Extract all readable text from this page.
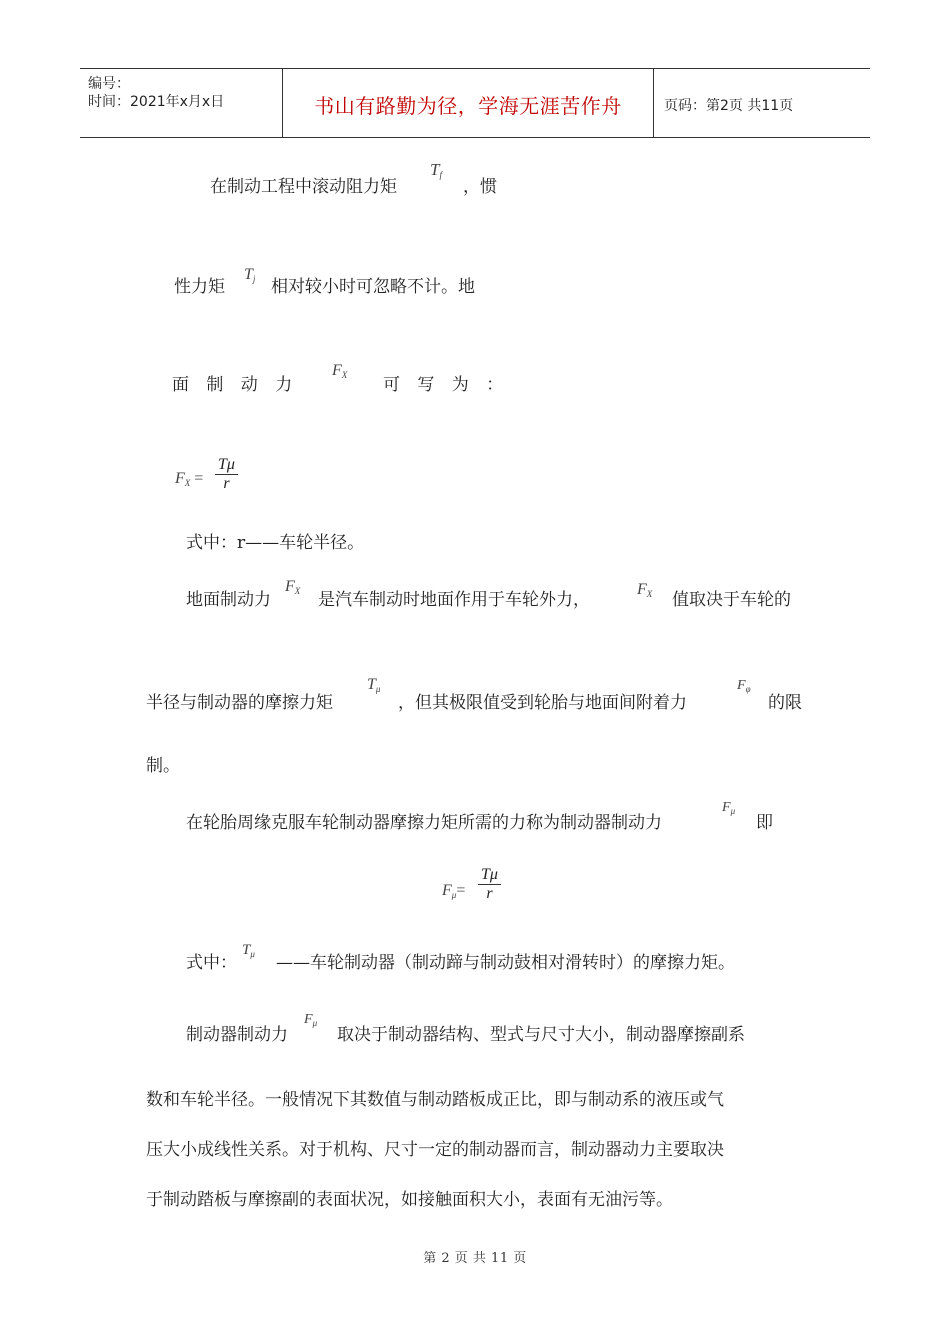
编号：
时间：2021年x月x日	书山有路勤为径，学海无涯苦作舟	页码：第2页 共11页
在制动工程中滚动阻力矩
$T_f$
，惯
性力矩
$T_j$ 相对较小时可忽略不计。地
面 制 动 力
$F_X$ 可 写 为 ：
$F_X = \frac{T\mu}{r}$
式中：r——车轮半径。
地面制动力
$F_X$ 是汽车制动时地面作用于车轮外力，
$F_X$ 值取决于车轮的
半径与制动器的摩擦力矩
$T_\mu$
，但其极限值受到轮胎与地面间附着力
$F_\varphi$
的限
制。
在轮胎周缘克服车轮制动器摩擦力矩所需的力称为制动器制动力
$F_\mu$
即
$F_\mu= \frac{T\mu}{r}$
式中：
$T_\mu$ ——车轮制动器（制动蹄与制动鼓相对滑转时）的摩擦力矩。
制动器制动力
$F_\mu$
取决于制动器结构、型式与尺寸大小，制动器摩擦副系
数和车轮半径。一般情况下其数值与制动踏板成正比，即与制动系的液压或气
压大小成线性关系。对于机构、尺寸一定的制动器而言，制动器动力主要取决
于制动踏板与摩擦副的表面状况，如接触面积大小，表面有无油污等。
第 2 页 共 11 页
